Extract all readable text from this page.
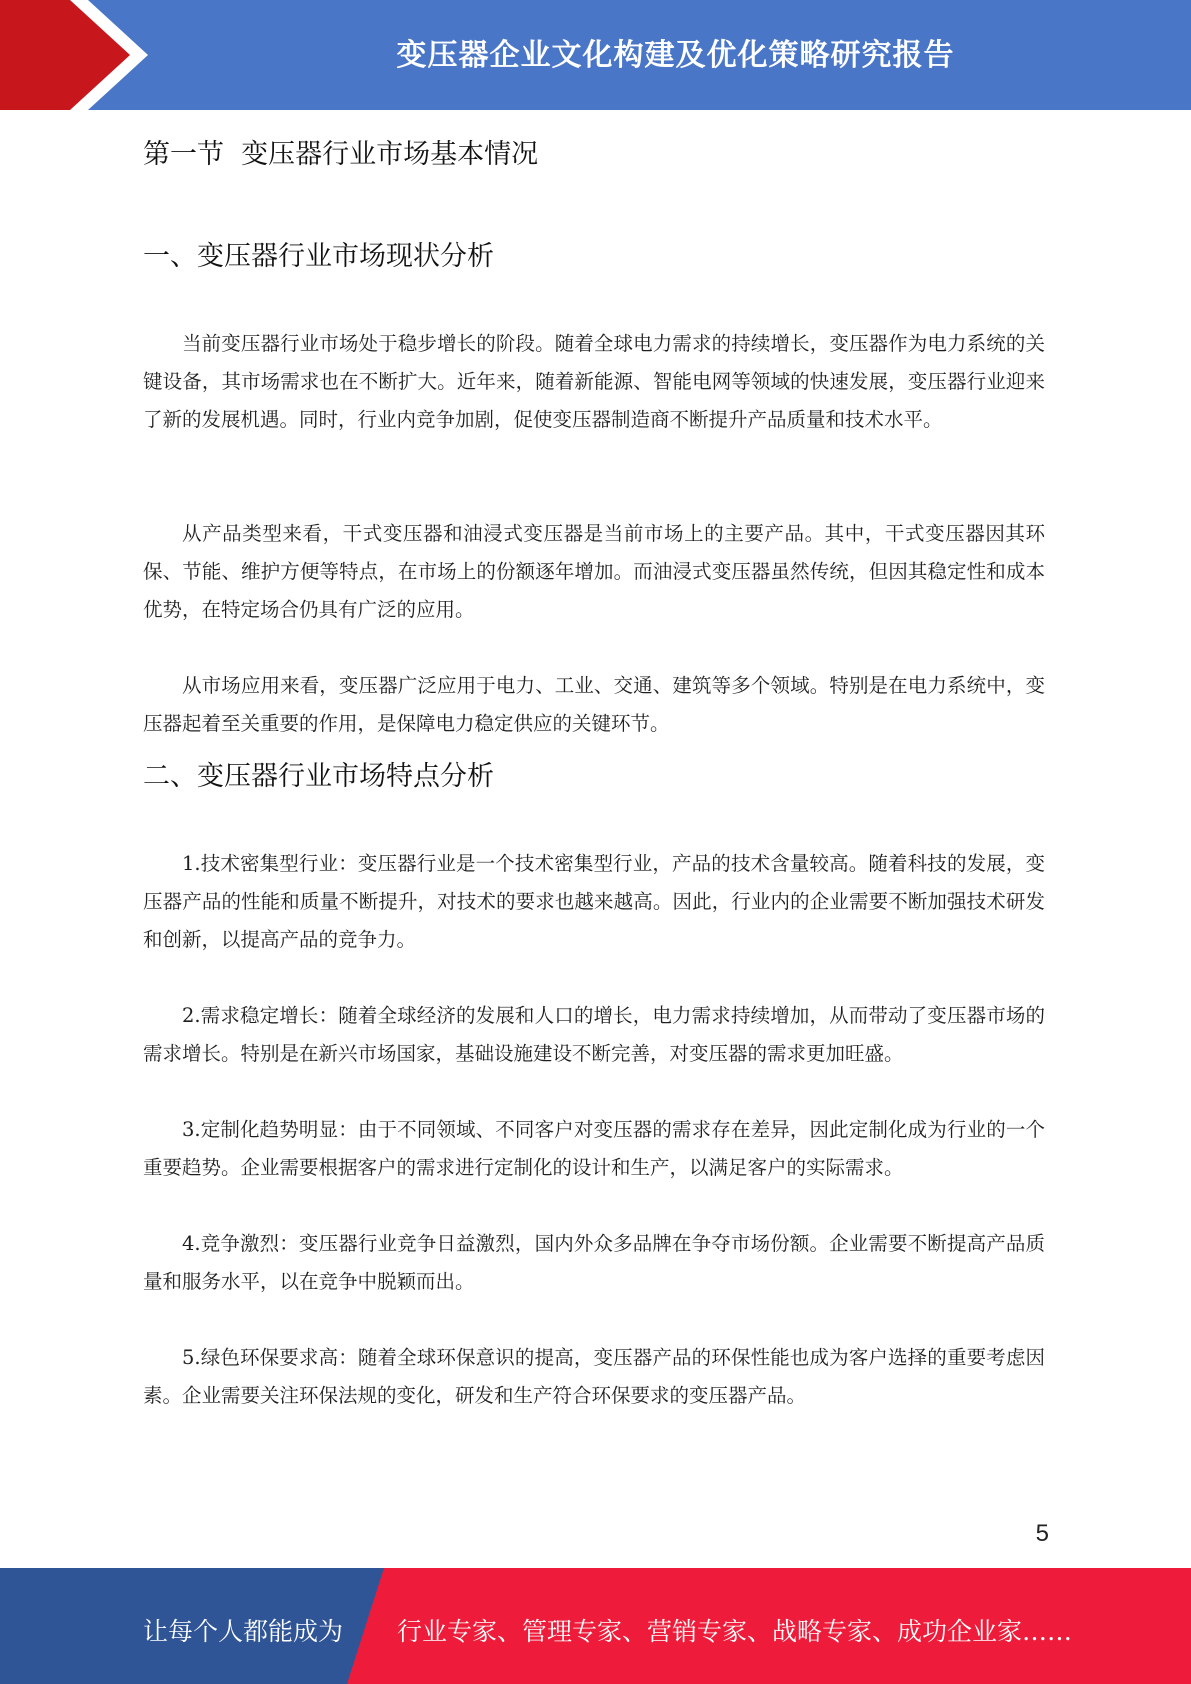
变压器企业文化构建及优化策略研究报告
第一节  变压器行业市场基本情况
一、变压器行业市场现状分析
当前变压器行业市场处于稳步增长的阶段。随着全球电力需求的持续增长，变压器作为电力系统的关键设备，其市场需求也在不断扩大。近年来，随着新能源、智能电网等领域的快速发展，变压器行业迎来了新的发展机遇。同时，行业内竞争加剧，促使变压器制造商不断提升产品质量和技术水平。
从产品类型来看，干式变压器和油浸式变压器是当前市场上的主要产品。其中，干式变压器因其环保、节能、维护方便等特点，在市场上的份额逐年增加。而油浸式变压器虽然传统，但因其稳定性和成本优势，在特定场合仍具有广泛的应用。
从市场应用来看，变压器广泛应用于电力、工业、交通、建筑等多个领域。特别是在电力系统中，变压器起着至关重要的作用，是保障电力稳定供应的关键环节。
二、变压器行业市场特点分析
1.技术密集型行业：变压器行业是一个技术密集型行业，产品的技术含量较高。随着科技的发展，变压器产品的性能和质量不断提升，对技术的要求也越来越高。因此，行业内的企业需要不断加强技术研发和创新，以提高产品的竞争力。
2.需求稳定增长：随着全球经济的发展和人口的增长，电力需求持续增加，从而带动了变压器市场的需求增长。特别是在新兴市场国家，基础设施建设不断完善，对变压器的需求更加旺盛。
3.定制化趋势明显：由于不同领域、不同客户对变压器的需求存在差异，因此定制化成为行业的一个重要趋势。企业需要根据客户的需求进行定制化的设计和生产，以满足客户的实际需求。
4.竞争激烈：变压器行业竞争日益激烈，国内外众多品牌在争夺市场份额。企业需要不断提高产品质量和服务水平，以在竞争中脱颖而出。
5.绿色环保要求高：随着全球环保意识的提高，变压器产品的环保性能也成为客户选择的重要考虑因素。企业需要关注环保法规的变化，研发和生产符合环保要求的变压器产品。
5
让每个人都能成为 行业专家、管理专家、营销专家、战略专家、成功企业家……
